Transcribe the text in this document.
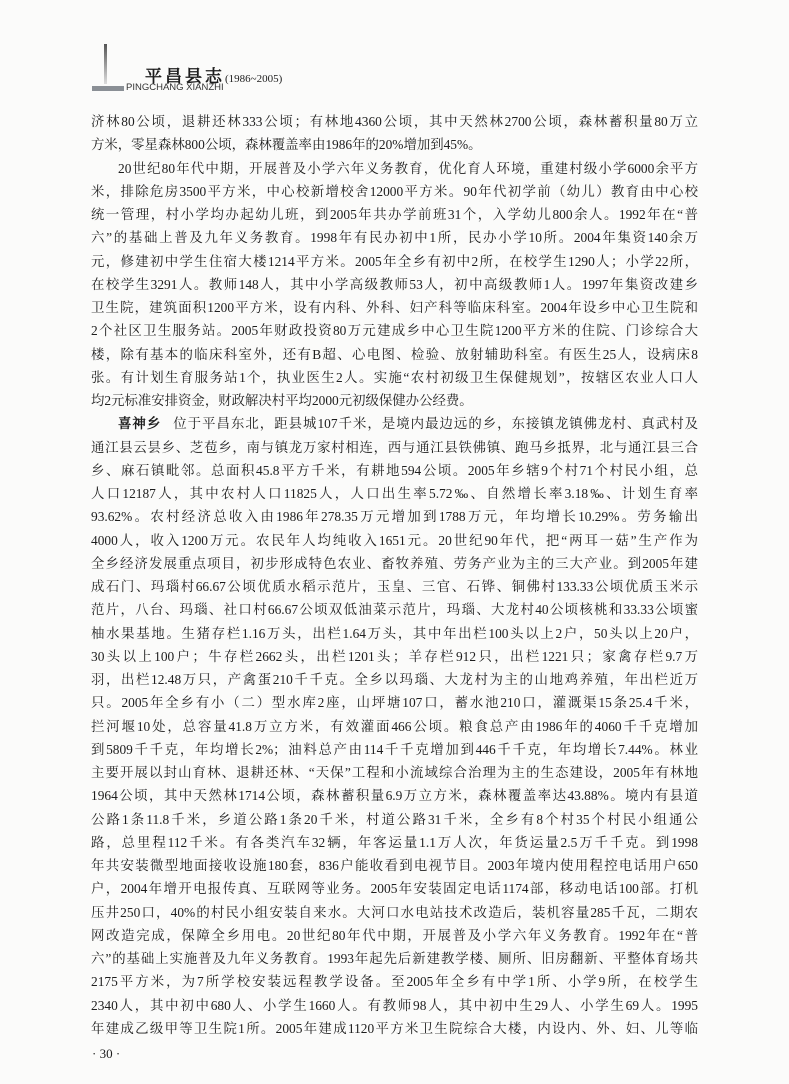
平昌县志(1986~2005)
PINGCHANG XIANZHI
济林80公顷，退耕还林333公顷；有林地4360公顷，其中天然林2700公顷，森林蓄积量80万立
方米，零星森林800公顷，森林覆盖率由1986年的20%增加到45%。
20世纪80年代中期，开展普及小学六年义务教育，优化育人环境，重建村级小学6000余平方
米，排除危房3500平方米，中心校新增校舍12000平方米。90年代初学前（幼儿）教育由中心校
统一管理，村小学均办起幼儿班，到2005年共办学前班31个，入学幼儿800余人。1992年在“普
六”的基础上普及九年义务教育。1998年有民办初中1所，民办小学10所。2004年集资140余万
元，修建初中学生住宿大楼1214平方米。2005年全乡有初中2所，在校学生1290人；小学22所，
在校学生3291人。教师148人，其中小学高级教师53人，初中高级教师1人。1997年集资改建乡
卫生院，建筑面积1200平方米，设有内科、外科、妇产科等临床科室。2004年设乡中心卫生院和
2个社区卫生服务站。2005年财政投资80万元建成乡中心卫生院1200平方米的住院、门诊综合大
楼，除有基本的临床科室外，还有B超、心电图、检验、放射辅助科室。有医生25人，设病床8
张。有计划生育服务站1个，执业医生2人。实施“农村初级卫生保健规划”，按辖区农业人口人
均2元标准安排资金，财政解决村平均2000元初级保健办公经费。
喜神乡 位于平昌东北，距县城107千米，是境内最边远的乡，东接镇龙镇佛龙村、真武村及
通江县云昙乡、芝苞乡，南与镇龙万家村相连，西与通江县铁佛镇、跑马乡抵界，北与通江县三合
乡、麻石镇毗邻。总面积45.8平方千米，有耕地594公顷。2005年乡辖9个村71个村民小组，总
人口12187人，其中农村人口11825人，人口出生率5.72‰、自然增长率3.18‰、计划生育率
93.62%。农村经济总收入由1986年278.35万元增加到1788万元，年均增长10.29%。劳务输出
4000人，收入1200万元。农民年人均纯收入1651元。20世纪90年代，把“两耳一菇”生产作为
全乡经济发展重点项目，初步形成特色农业、畜牧养殖、劳务产业为主的三大产业。到2005年建
成石门、玛瑙村66.67公顷优质水稻示范片，玉皇、三官、石铧、铜佛村133.33公顷优质玉米示
范片，八台、玛瑙、社口村66.67公顷双低油菜示范片，玛瑙、大龙村40公顷核桃和33.33公顷蜜
柚水果基地。生猪存栏1.16万头，出栏1.64万头，其中年出栏100头以上2户，50头以上20户，
30头以上100户；牛存栏2662头，出栏1201头；羊存栏912只，出栏1221只；家禽存栏9.7万
羽，出栏12.48万只，产禽蛋210千千克。全乡以玛瑙、大龙村为主的山地鸡养殖，年出栏近万
只。2005年全乡有小（二）型水库2座，山坪塘107口，蓄水池210口，灌溉渠15条25.4千米，
拦河堰10处，总容量41.8万立方米，有效灌面466公顷。粮食总产由1986年的4060千千克增加
到5809千千克，年均增长2%；油料总产由114千千克增加到446千千克，年均增长7.44%。林业
主要开展以封山育林、退耕还林、“天保”工程和小流域综合治理为主的生态建设，2005年有林地
1964公顷，其中天然林1714公顷，森林蓄积量6.9万立方米，森林覆盖率达43.88%。境内有县道
公路1条11.8千米，乡道公路1条20千米，村道公路31千米，全乡有8个村35个村民小组通公
路，总里程112千米。有各类汽车32辆，年客运量1.1万人次，年货运量2.5万千千克。到1998
年共安装微型地面接收设施180套，836户能收看到电视节目。2003年境内使用程控电话用户650
户，2004年增开电报传真、互联网等业务。2005年安装固定电话1174部，移动电话100部。打机
压井250口，40%的村民小组安装自来水。大河口水电站技术改造后，装机容量285千瓦，二期农
网改造完成，保障全乡用电。20世纪80年代中期，开展普及小学六年义务教育。1992年在“普
六”的基础上实施普及九年义务教育。1993年起先后新建教学楼、厕所、旧房翻新、平整体育场共
2175平方米，为7所学校安装远程教学设备。至2005年全乡有中学1所、小学9所，在校学生
2340人，其中初中680人、小学生1660人。有教师98人，其中初中生29人、小学生69人。1995
年建成乙级甲等卫生院1所。2005年建成1120平方米卫生院综合大楼，内设内、外、妇、儿等临
· 30 ·
